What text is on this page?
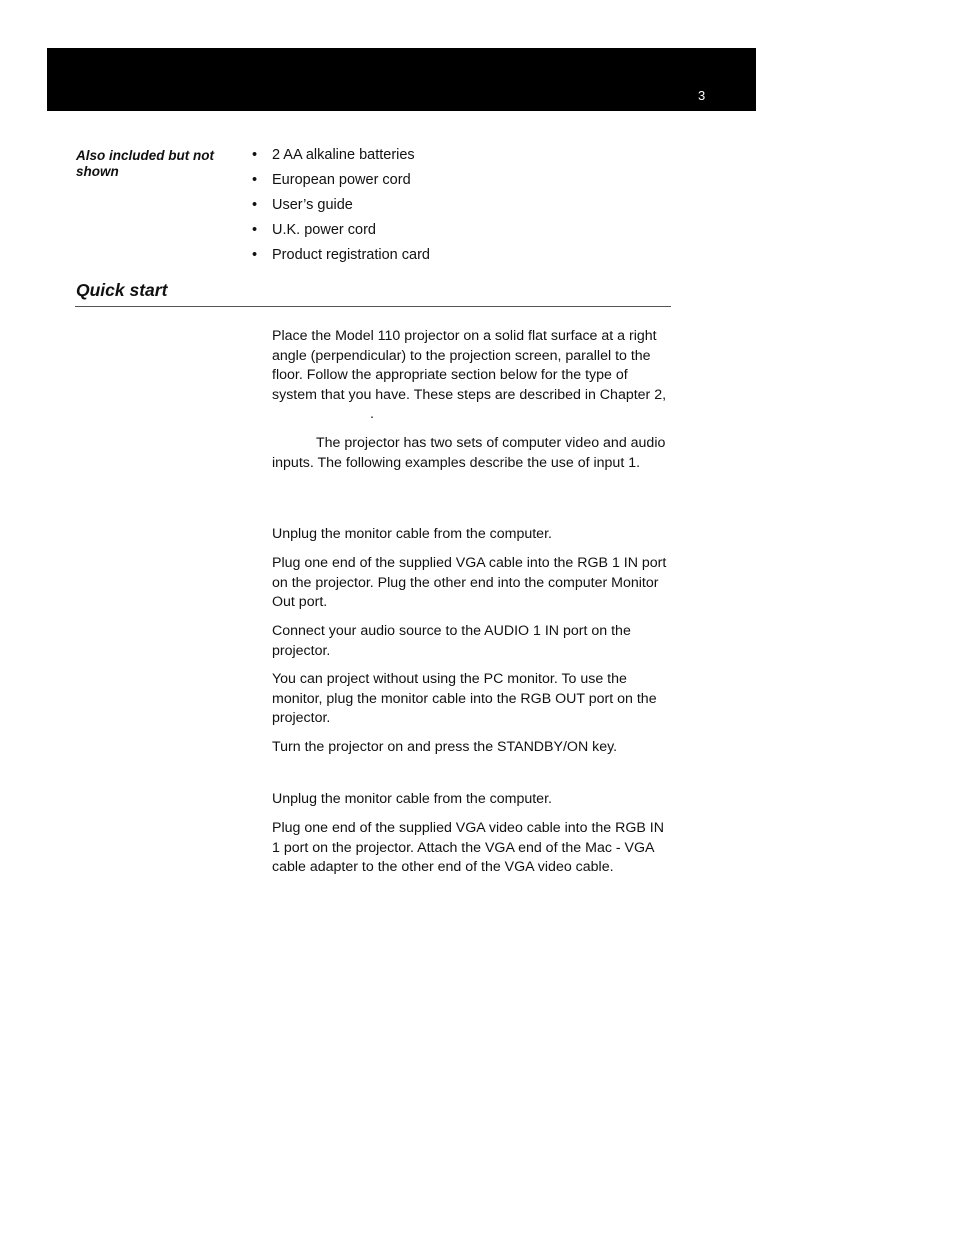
3
Also included but not shown
• 2 AA alkaline batteries
• European power cord
• User’s guide
• U.K. power cord
• Product registration card
Quick start

Place the Model 110 projector on a solid flat surface at a right angle (perpendicular) to the projection screen, parallel to the floor. Follow the appropriate section below for the type of system that you have. These steps are described in Chapter 2,.

The projector has two sets of computer video and audio inputs. The following examples describe the use of input 1.

Unplug the monitor cable from the computer.

Plug one end of the supplied VGA cable into the RGB 1 IN port on the projector. Plug the other end into the computer Monitor Out port.

Connect your audio source to the AUDIO 1 IN port on the projector.

You can project without using the PC monitor. To use the monitor, plug the monitor cable into the RGB OUT port on the projector.

Turn the projector on and press the STANDBY/ON key.

Unplug the monitor cable from the computer.

Plug one end of the supplied VGA video cable into the RGB IN 1 port on the projector. Attach the VGA end of the Mac - VGA cable adapter to the other end of the VGA video cable.
